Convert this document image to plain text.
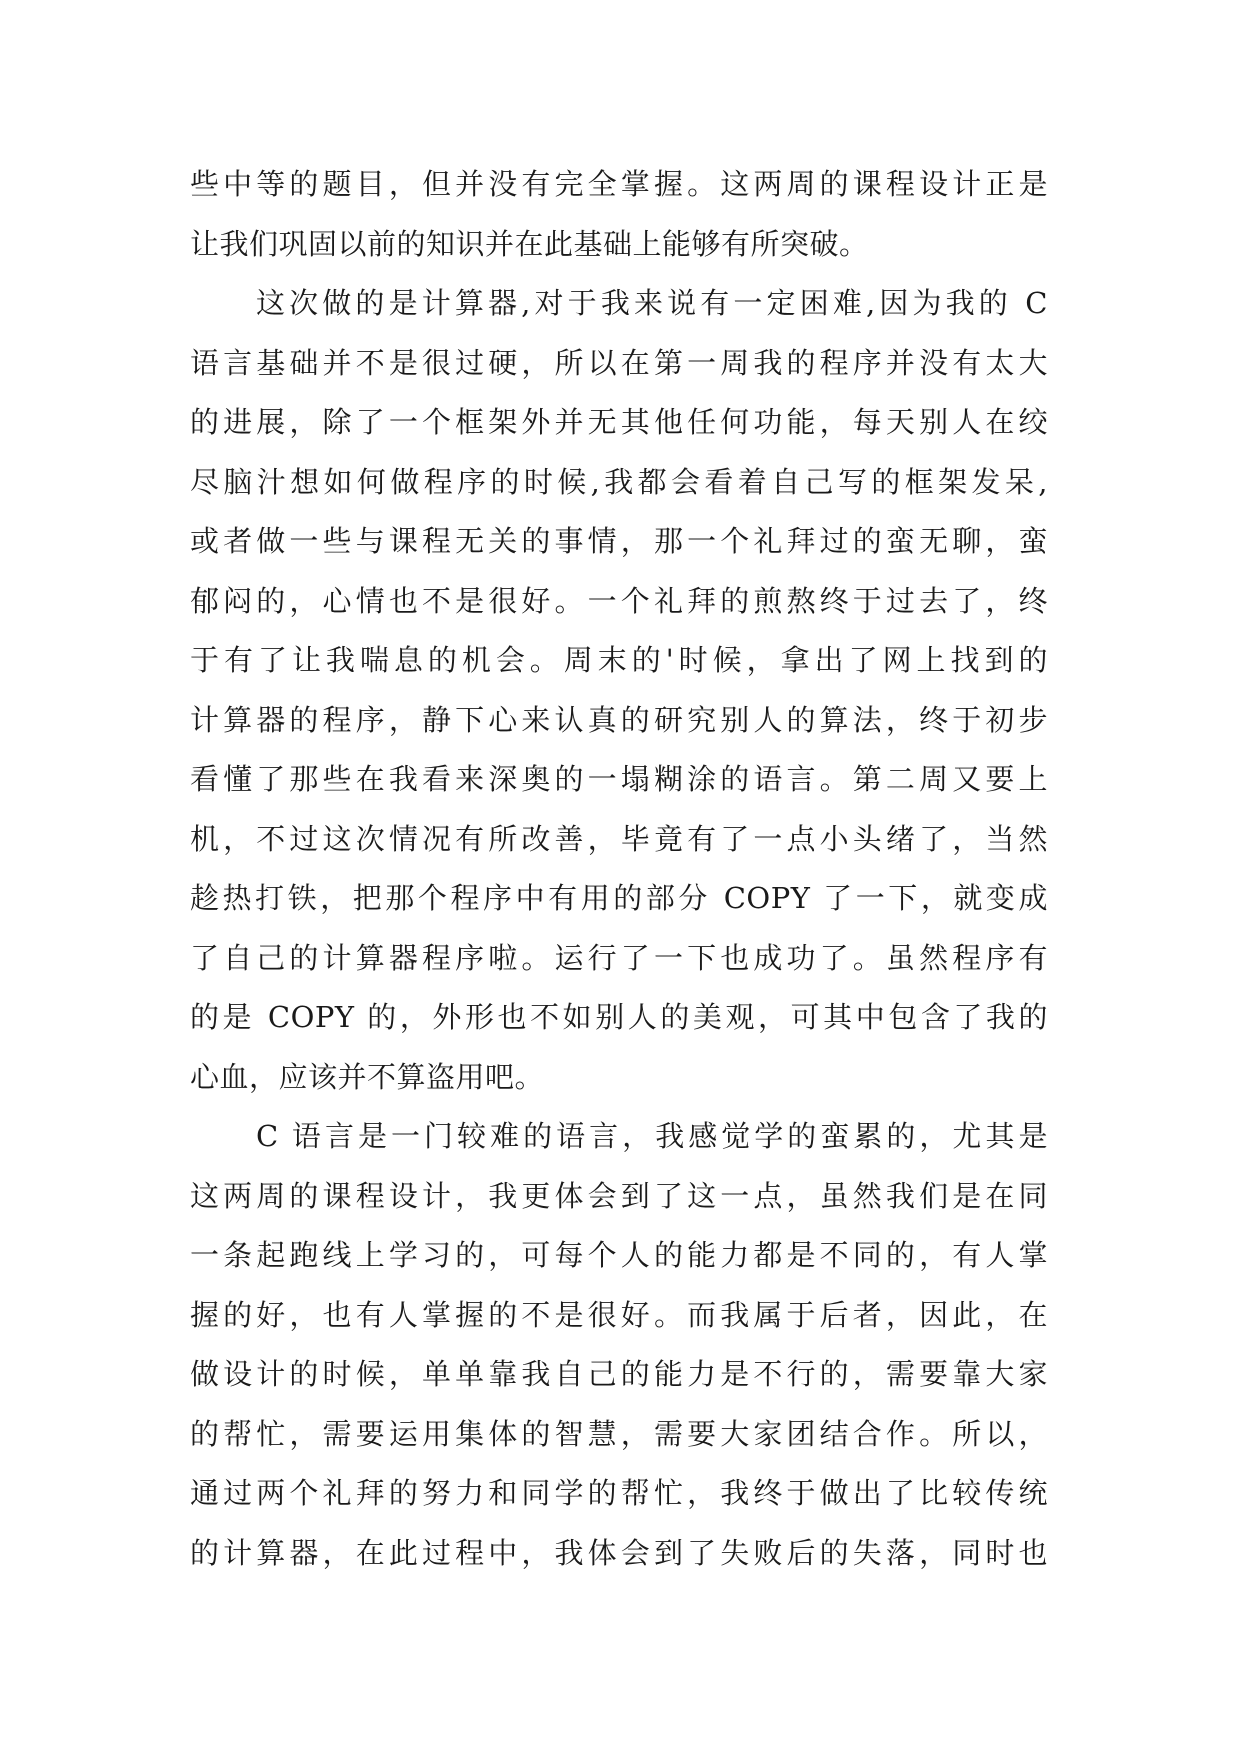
些中等的题目，但并没有完全掌握。这两周的课程设计正是
让我们巩固以前的知识并在此基础上能够有所突破。
这次做的是计算器,对于我来说有一定困难,因为我的 C
语言基础并不是很过硬，所以在第一周我的程序并没有太大
的进展，除了一个框架外并无其他任何功能，每天别人在绞
尽脑汁想如何做程序的时候,我都会看着自己写的框架发呆,
或者做一些与课程无关的事情，那一个礼拜过的蛮无聊，蛮
郁闷的，心情也不是很好。一个礼拜的煎熬终于过去了，终
于有了让我喘息的机会。周末的'时候，拿出了网上找到的
计算器的程序，静下心来认真的研究别人的算法，终于初步
看懂了那些在我看来深奥的一塌糊涂的语言。第二周又要上
机，不过这次情况有所改善，毕竟有了一点小头绪了，当然
趁热打铁，把那个程序中有用的部分 COPY 了一下，就变成
了自己的计算器程序啦。运行了一下也成功了。虽然程序有
的是 COPY 的，外形也不如别人的美观，可其中包含了我的
心血，应该并不算盗用吧。
C 语言是一门较难的语言，我感觉学的蛮累的，尤其是
这两周的课程设计，我更体会到了这一点，虽然我们是在同
一条起跑线上学习的，可每个人的能力都是不同的，有人掌
握的好，也有人掌握的不是很好。而我属于后者，因此，在
做设计的时候，单单靠我自己的能力是不行的，需要靠大家
的帮忙，需要运用集体的智慧，需要大家团结合作。所以，
通过两个礼拜的努力和同学的帮忙，我终于做出了比较传统
的计算器，在此过程中，我体会到了失败后的失落，同时也
